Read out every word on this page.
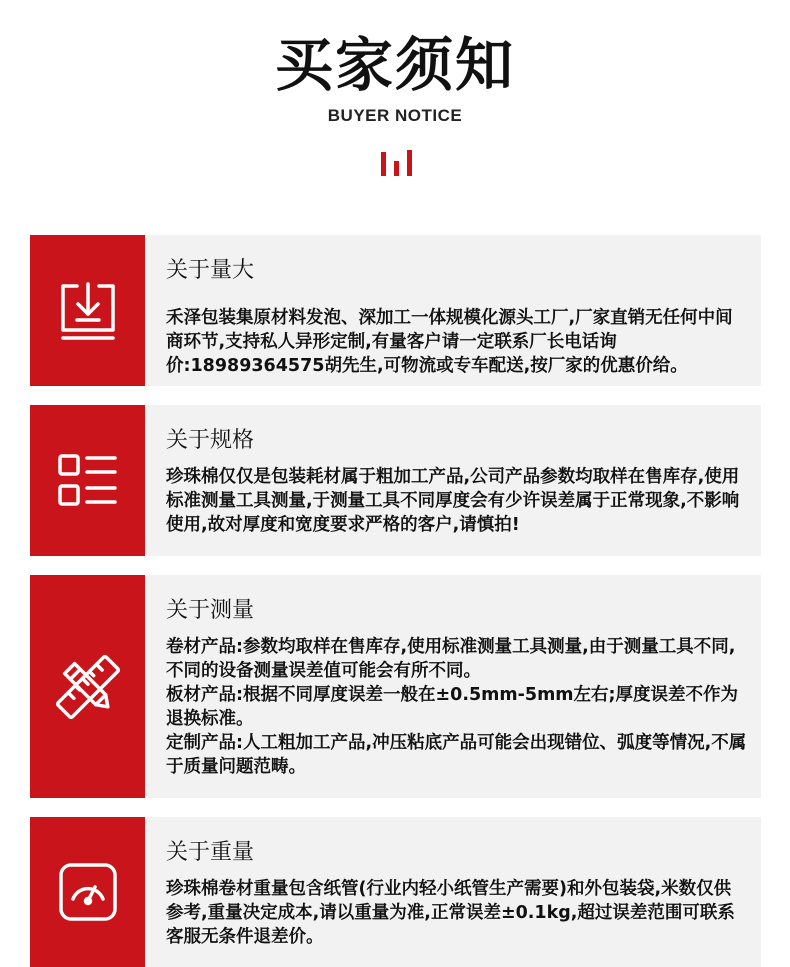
买家须知
BUYER NOTICE
关于量大

禾泽包装集原材料发泡、深加工一体规模化源头工厂,厂家直销无任何中间商环节,支持私人异形定制,有量客户请一定联系厂长电话询价:18989364575胡先生,可物流或专车配送,按厂家的优惠价给。

关于规格

珍珠棉仅仅是包装耗材属于粗加工产品,公司产品参数均取样在售库存,使用标准测量工具测量,于测量工具不同厚度会有少许误差属于正常现象,不影响使用,故对厚度和宽度要求严格的客户,请慎拍!

关于测量

卷材产品:参数均取样在售库存,使用标准测量工具测量,由于测量工具不同,不同的设备测量误差值可能会有所不同。

板材产品:根据不同厚度误差一般在±0.5mm-5mm左右;厚度误差不作为退换标准。

定制产品:人工粗加工产品,冲压粘底产品可能会出现错位、弧度等情况,不属于质量问题范畴。

关于重量

珍珠棉卷材重量包含纸管(行业内轻小纸管生产需要)和外包装袋,米数仅供参考,重量决定成本,请以重量为准,正常误差±0.1kg,超过误差范围可联系客服无条件退差价。
